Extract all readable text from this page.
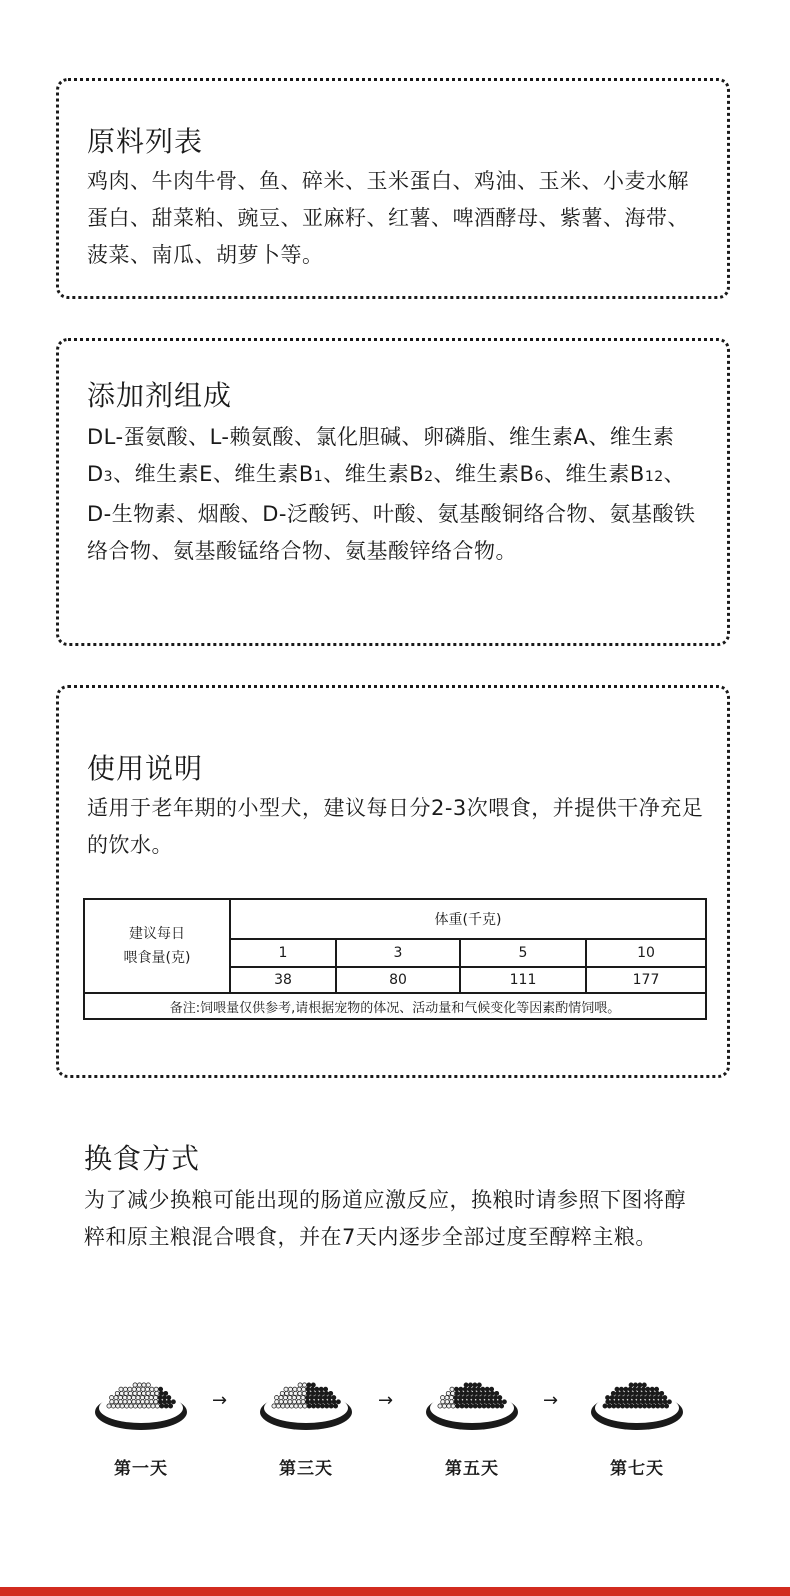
原料列表

鸡肉、牛肉牛骨、鱼、碎米、玉米蛋白、鸡油、玉米、小麦水解蛋白、甜菜粕、豌豆、亚麻籽、红薯、啤酒酵母、紫薯、海带、菠菜、南瓜、胡萝卜等。

添加剂组成

DL-蛋氨酸、L-赖氨酸、氯化胆碱、卵磷脂、维生素A、维生素D3、维生素E、维生素B1、维生素B2、维生素B6、维生素B12、D-生物素、烟酸、D-泛酸钙、叶酸、氨基酸铜络合物、氨基酸铁络合物、氨基酸锰络合物、氨基酸锌络合物。

使用说明

适用于老年期的小型犬，建议每日分2-3次喂食，并提供干净充足的饮水。

建议每日
喂食量(克)	体重(千克)			
	1	3	5	10
	38	80	111	177
备注:饲喂量仅供参考,请根据宠物的体况、活动量和气候变化等因素酌情饲喂。				
换食方式

为了减少换粮可能出现的肠道应激反应，换粮时请参照下图将醇粹和原主粮混合喂食，并在7天内逐步全部过度至醇粹主粮。

第一天
→
第三天
→
第五天
→
第七天
